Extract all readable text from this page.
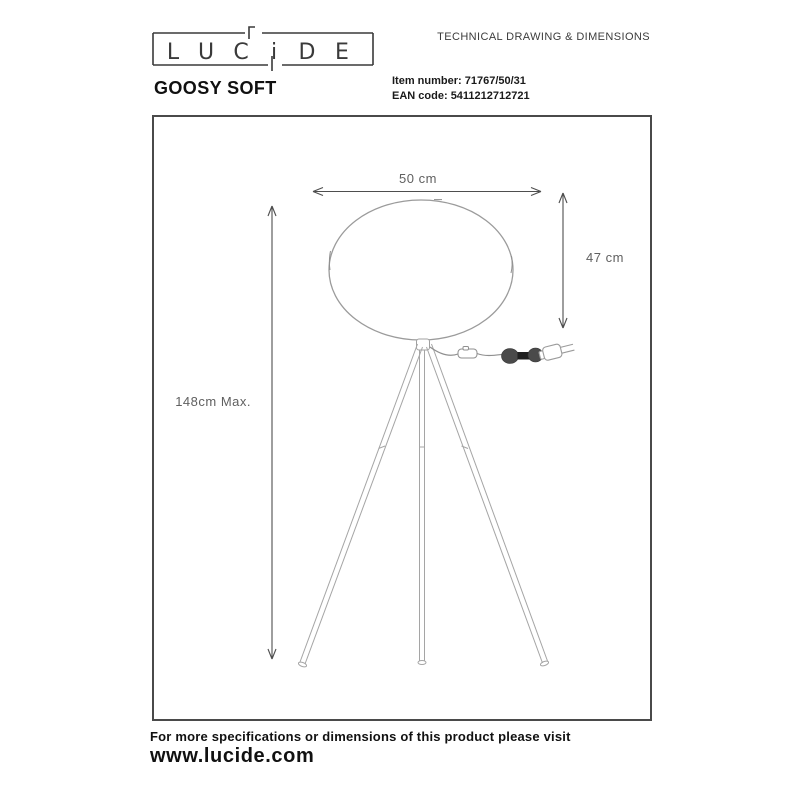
L U C i D E
TECHNICAL DRAWING & DIMENSIONS
GOOSY SOFT	Item number: 71767/50/31
EAN code: 5411212712721
50 cm
47 cm
148cm Max.
For more specifications or dimensions of this product please visit
www.lucide.com
